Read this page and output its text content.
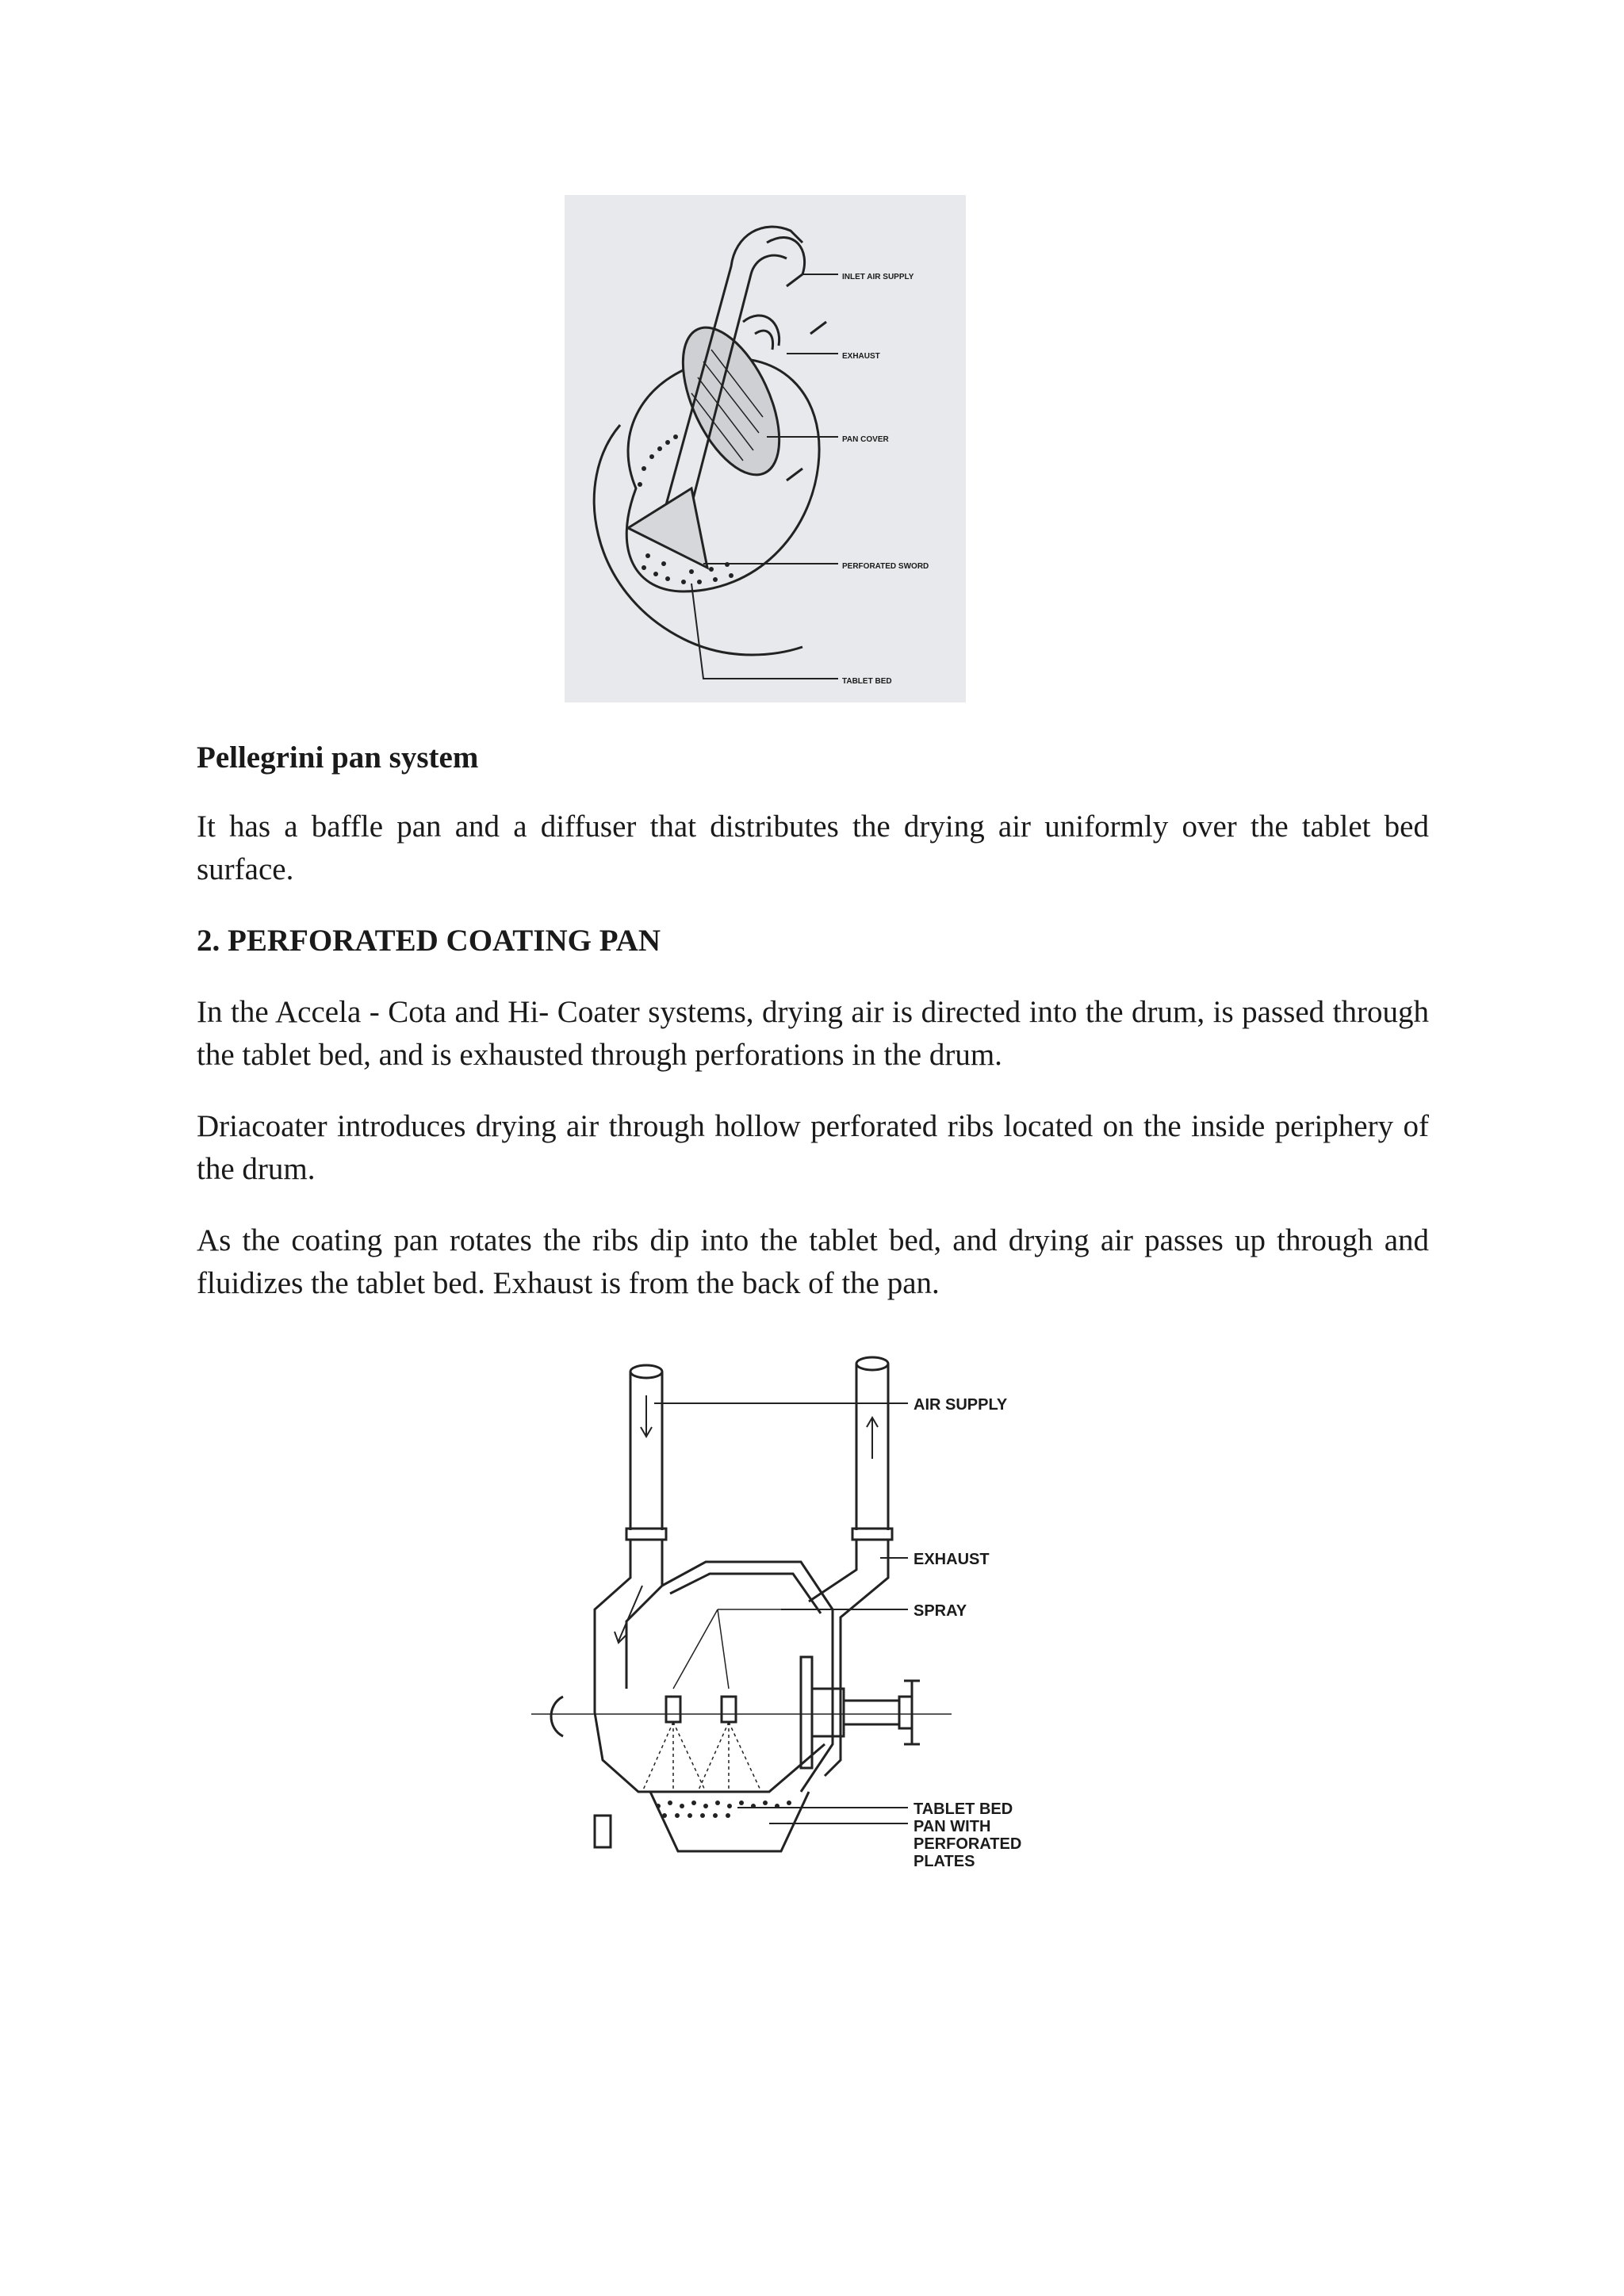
INLET AIR SUPPLY
EXHAUST
PAN COVER
PERFORATED SWORD
TABLET BED
Pellegrini pan system
It has a baffle pan and a diffuser that distributes the drying air uniformly over the tablet bed surface.
2. PERFORATED COATING PAN
In the Accela - Cota and Hi- Coater systems, drying air is directed into the drum, is passed through the tablet bed, and is exhausted through perforations in the drum.
Driacoater introduces drying air through hollow perforated ribs located on the inside periphery of the drum.
As the coating pan rotates the ribs dip into the tablet bed, and drying air passes up through and fluidizes the tablet bed. Exhaust is from the back of the pan.
AIR SUPPLY
EXHAUST
SPRAY
TABLET BED
PAN WITH
PERFORATED
PLATES
